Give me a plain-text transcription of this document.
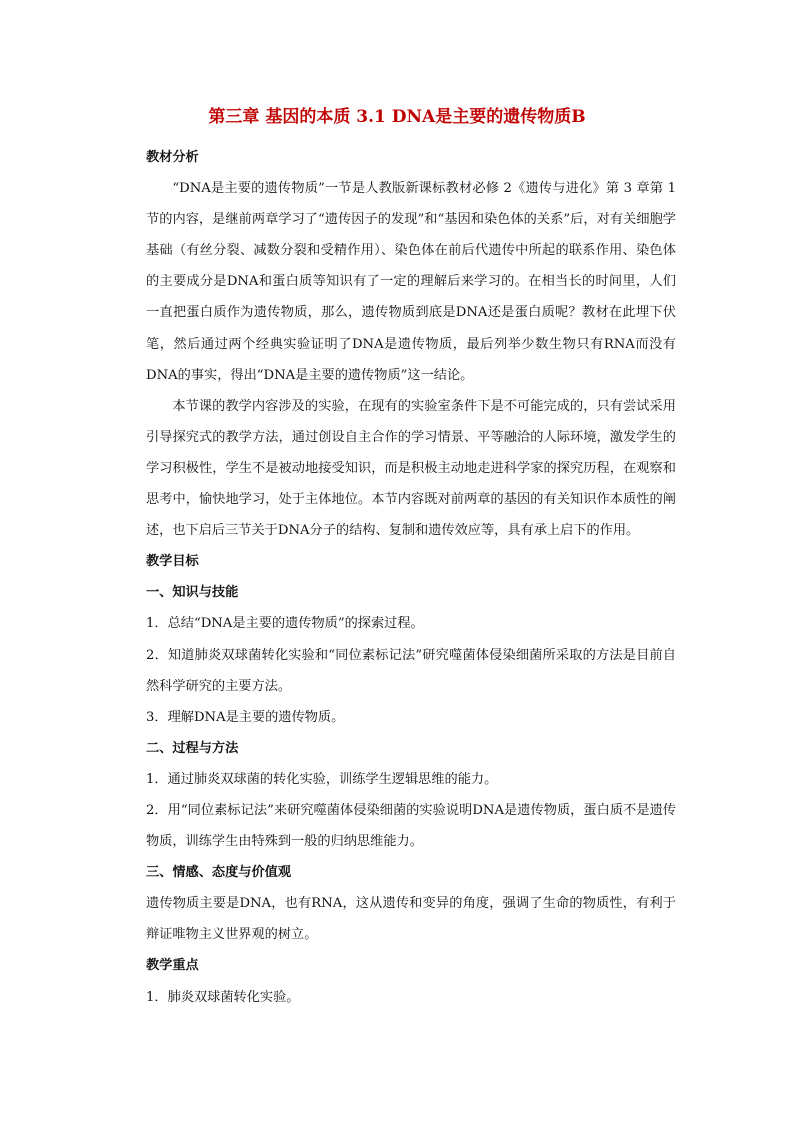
第三章 基因的本质 3.1 DNA是主要的遗传物质B

教材分析

“DNA是主要的遗传物质”一节是人教版新课标教材必修 2《遗传与进化》第 3 章第 1 节的内容，是继前两章学习了“遗传因子的发现”和“基因和染色体的关系”后，对有关细胞学基础（有丝分裂、减数分裂和受精作用）、染色体在前后代遗传中所起的联系作用、染色体的主要成分是DNA和蛋白质等知识有了一定的理解后来学习的。在相当长的时间里，人们一直把蛋白质作为遗传物质，那么，遗传物质到底是DNA还是蛋白质呢？教材在此埋下伏笔，然后通过两个经典实验证明了DNA是遗传物质，最后列举少数生物只有RNA而没有DNA的事实，得出“DNA是主要的遗传物质”这一结论。

本节课的教学内容涉及的实验，在现有的实验室条件下是不可能完成的，只有尝试采用引导探究式的教学方法，通过创设自主合作的学习情景、平等融洽的人际环境，激发学生的学习积极性，学生不是被动地接受知识，而是积极主动地走进科学家的探究历程，在观察和思考中，愉快地学习，处于主体地位。本节内容既对前两章的基因的有关知识作本质性的阐述，也下启后三节关于DNA分子的结构、复制和遗传效应等，具有承上启下的作用。

教学目标

一、知识与技能

1．总结“DNA是主要的遗传物质”的探索过程。

2．知道肺炎双球菌转化实验和“同位素标记法”研究噬菌体侵染细菌所采取的方法是目前自然科学研究的主要方法。

3．理解DNA是主要的遗传物质。

二、过程与方法

1．通过肺炎双球菌的转化实验，训练学生逻辑思维的能力。

2．用“同位素标记法”来研究噬菌体侵染细菌的实验说明DNA是遗传物质，蛋白质不是遗传物质，训练学生由特殊到一般的归纳思维能力。

三、情感、态度与价值观

遗传物质主要是DNA，也有RNA，这从遗传和变异的角度，强调了生命的物质性，有利于辩证唯物主义世界观的树立。

教学重点

1．肺炎双球菌转化实验。
